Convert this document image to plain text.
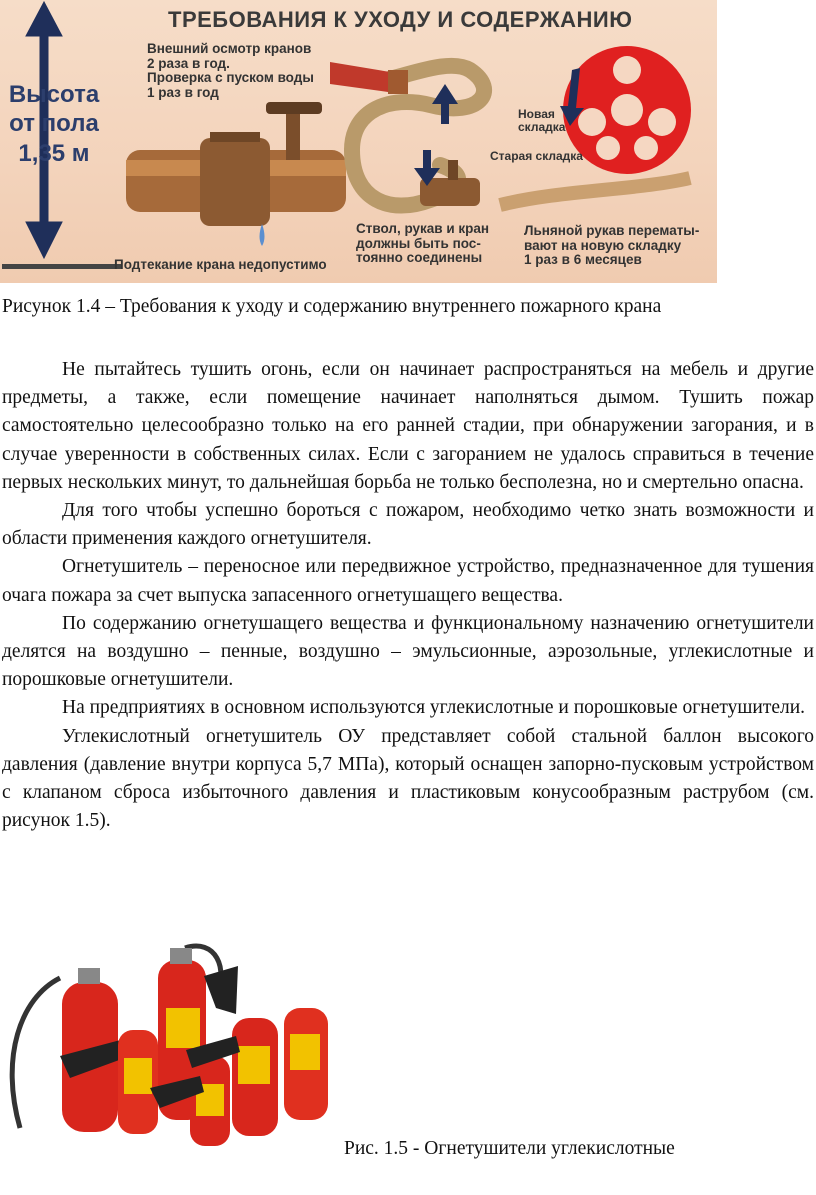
ТРЕБОВАНИЯ К УХОДУ И СОДЕРЖАНИЮ
Высота
от пола
1,35 м
Внешний осмотр кранов
2 раза в год.
Проверка с пуском воды
1 раз в год
Подтекание крана недопустимо
Ствол, рукав и кран
должны быть пос-
тоянно соединены
Новая
складка
Старая складка
Льняной рукав перематы-
вают на новую складку
1 раз в 6 месяцев
Рисунок 1.4 – Требования к уходу и содержанию внутреннего пожарного крана

Не пытайтесь тушить огонь, если он начинает распространяться на мебель и другие предметы, а также, если помещение начинает наполняться дымом. Тушить пожар самостоятельно целесообразно только на его ранней стадии, при обнаружении загорания, и в случае уверенности в собственных силах. Если с загоранием не удалось справиться в течение первых нескольких минут, то дальнейшая борьба не только бесполезна, но и смертельно опасна.

Для того чтобы успешно бороться с пожаром, необходимо четко знать возможности и области применения каждого огнетушителя.

Огнетушитель – переносное или передвижное устройство, предназначенное для тушения очага пожара за счет выпуска запасенного огнетушащего вещества.

По содержанию огнетушащего вещества и функциональному назначению огнетушители делятся на воздушно – пенные, воздушно – эмульсионные, аэрозольные, углекислотные и порошковые огнетушители.

На предприятиях в основном используются углекислотные и порошковые огнетушители.

Углекислотный огнетушитель ОУ представляет собой стальной баллон высокого давления (давление внутри корпуса 5,7 МПа), который оснащен запорно-пусковым устройством с клапаном сброса избыточного давления и пластиковым конусообразным раструбом (см. рисунок 1.5).

Рис. 1.5 - Огнетушители углекислотные
